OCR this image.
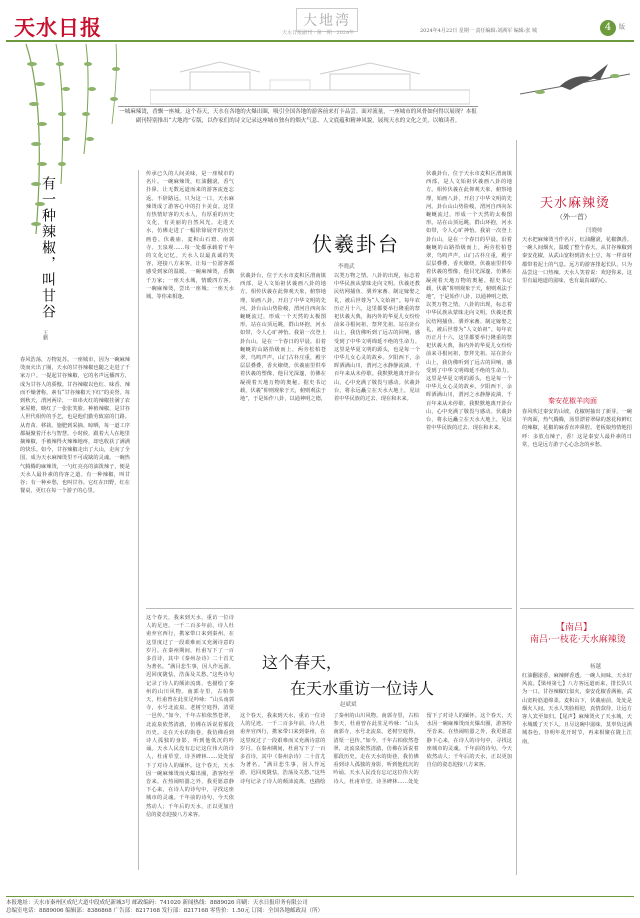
天水日报	大地湾
天水日报副刊 · 第一期 · 2024年	2024年4月22日 星期一 责任编辑:刘满军 编辑:张 城	4	版
一城麻辣烫，香飘一座城。这个春天，天水在各地的火爆出圈，吸引全国各地的游客前来打卡品尝。面对流量，一座城市的风骨如何得以展现？本报副刊特别推出“大地湾”专版，以作家们的诗文记录这座城市独有的烟火气息、人文底蕴和精神风貌，展现天水的文化之美，以飨读者。
有一种辣椒，叫甘谷
王鹏
春风浩荡，万物复苏。一座城市，因为一碗麻辣烫而火出了圈，天水的甘谷辣椒也随之走进了千家万户。一提起甘谷辣椒，它的名声远播四方，成为甘谷人的骄傲。甘谷辣椒以色红、味香、辣而不燥著称，素有“甘谷辣椒天下红”的美誉。每到秋天，渭河两岸，一串串火红的辣椒挂满了农家屋檐，映红了一张张笑脸。种植辣椒，是甘谷人世代相传的手艺，也是他们勤劳致富的门路。从育苗、移栽、施肥到采摘、晾晒，每一道工序都凝聚着汗水与智慧。小时候，跟着大人在地里摘辣椒，手被辣得火辣辣地疼，却也收获了满满的快乐。如今，甘谷辣椒走出了大山，走向了全国，成为天水麻辣烫里不可或缺的灵魂。一碗热气腾腾的麻辣烫，一勺红亮亮的油泼辣子，便是天水人最朴素的待客之道。有一种辣椒，叫甘谷；有一种乡愁，也叫甘谷。它红在田野，红在餐桌，更红在每一个游子的心里。
传承已久的人间美味，是一座城市的名片。一碗麻辣烫，红油翻滚，香气扑鼻，让无数远道而来的游客流连忘返。不辞路远，只为这一口，天水麻辣烫成了游客心中的打卡美食。这里有热情好客的天水人，有厚重的历史文化，有美丽的自然风光。走进天水，仿佛走进了一幅徐徐展开的历史画卷。伏羲庙、麦积山石窟、南郭寺、玉泉观……每一处都承载着千年的文化记忆。天水人以最真诚的笑容，迎接八方来客，让每一位游客都感受到家的温暖。一碗麻辣烫，香飘千万家；一座天水城，情暖四方客。一碗麻辣烫，尝出一座城；一座天水城，等你来相逢。
伏羲卦台
李晓武
伏羲卦台，位于天水市麦积区渭南镇西部，是人文始祖伏羲画八卦的地方。相传伏羲在此仰观天象，俯察地理，始画八卦，开启了中华文明的先河。卦台山山势险峻，渭河自西向东蜿蜒流过，形成一个天然的太极图形。站在山顶远眺，群山环抱，河水如带，令人心旷神怡。我第一次登上卦台山，是在一个春日的早晨。沿着蜿蜒的山路拾级而上，两旁松柏苍翠，鸟鸣声声。山门古朴庄重，殿宇层层叠叠，香火缭绕。伏羲庙里供奉着伏羲的塑像，他目光深邃，仿佛在凝视着天地万物的奥秘。据史书记载，伏羲“仰则观象于天，俯则观法于地”，于是始作八卦，以通神明之德，以类万物之情。八卦的出现，标志着中华民族从蒙昧走向文明。伏羲还教民结网捕鱼、驯养家畜、制定嫁娶之礼，被后世尊为“人文始祖”。每年农历正月十六，这里都要举行隆重的祭祀伏羲大典，海内外的华夏儿女纷纷前来寻根问祖，祭拜先祖。站在卦台山上，我仿佛听到了远古的回响，感受到了中华文明绵延不绝的生命力。这里是华夏文明的源头，也是每一个中华儿女心灵的故乡。夕阳西下，余晖洒满山川，渭河之水静静流淌，千百年来从未停歇。我默默地离开卦台山，心中充满了敬畏与感动。伏羲卦台，将永远矗立在天水大地上，见证着中华民族的过去、现在和未来。
伏羲卦台，位于天水市麦积区渭南镇西部，是人文始祖伏羲画八卦的地方。相传伏羲在此仰观天象，俯察地理，始画八卦，开启了中华文明的先河。卦台山山势险峻，渭河自西向东蜿蜒流过，形成一个天然的太极图形。站在山顶远眺，群山环抱，河水如带，令人心旷神怡。我第一次登上卦台山，是在一个春日的早晨。沿着蜿蜒的山路拾级而上，两旁松柏苍翠，鸟鸣声声。山门古朴庄重，殿宇层层叠叠，香火缭绕。伏羲庙里供奉着伏羲的塑像，他目光深邃，仿佛在凝视着天地万物的奥秘。据史书记载，伏羲“仰则观象于天，俯则观法于地”，于是始作八卦，以通神明之德，以类万物之情。八卦的出现，标志着中华民族从蒙昧走向文明。伏羲还教民结网捕鱼、驯养家畜、制定嫁娶之礼，被后世尊为“人文始祖”。每年农历正月十六，这里都要举行隆重的祭祀伏羲大典，海内外的华夏儿女纷纷前来寻根问祖，祭拜先祖。站在卦台山上，我仿佛听到了远古的回响，感受到了中华文明绵延不绝的生命力。这里是华夏文明的源头，也是每一个中华儿女心灵的故乡。夕阳西下，余晖洒满山川，渭河之水静静流淌，千百年来从未停歇。我默默地离开卦台山，心中充满了敬畏与感动。伏羲卦台，将永远矗立在天水大地上，见证着中华民族的过去、现在和未来。
这个春天，我来到天水，重访一位诗人的足迹。一千二百多年前，诗人杜甫弃官西行，携家带口来到秦州，在这里度过了一段艰难而又充满诗意的岁月。在秦州期间，杜甫写下了一百多首诗，其中《秦州杂诗》二十首尤为著名。“满目悲生事，因人作远游。迟回度陇怯，浩荡及关愁。”这些诗句记录了诗人的颠沛流离，也描绘了秦州的山川风物。南郭寺里，古柏参天，杜甫曾在此驻足吟咏：“山头南郭寺，水号北流泉。老树空庭得，清渠一邑传。”如今，千年古柏依然苍翠，北流泉依然清澈，仿佛在诉说着那段历史。走在天水的街巷，我仿佛看到诗人孤独的身影，听到他低沉的吟诵。天水人民没有忘记这位伟大的诗人，杜甫草堂、诗圣碑林……处处留下了对诗人的缅怀。这个春天，天水因一碗麻辣烫而火爆出圈，游客纷至沓来。在热闹喧嚣之外，我更愿意静下心来，在诗人的诗句中，寻找这座城市的灵魂。千年前的诗句，今天依然动人；千年后的天水，正以更加自信的姿态迎接八方来客。
这个春天，
在天水重访一位诗人
赵斌斌
这个春天，我来到天水，重访一位诗人的足迹。一千二百多年前，诗人杜甫弃官西行，携家带口来到秦州，在这里度过了一段艰难而又充满诗意的岁月。在秦州期间，杜甫写下了一百多首诗，其中《秦州杂诗》二十首尤为著名。“满目悲生事，因人作远游。迟回度陇怯，浩荡及关愁。”这些诗句记录了诗人的颠沛流离，也描绘了秦州的山川风物。南郭寺里，古柏参天，杜甫曾在此驻足吟咏：“山头南郭寺，水号北流泉。老树空庭得，清渠一邑传。”如今，千年古柏依然苍翠，北流泉依然清澈，仿佛在诉说着那段历史。走在天水的街巷，我仿佛看到诗人孤独的身影，听到他低沉的吟诵。天水人民没有忘记这位伟大的诗人，杜甫草堂、诗圣碑林……处处留下了对诗人的缅怀。这个春天，天水因一碗麻辣烫而火爆出圈，游客纷至沓来。在热闹喧嚣之外，我更愿意静下心来，在诗人的诗句中，寻找这座城市的灵魂。千年前的诗句，今天依然动人；千年后的天水，正以更加自信的姿态迎接八方来客。
天水麻辣烫
（外一首）
闫晓帅
天水把麻辣烫当作名片，红油翻滚，花椒飘香。一碗人间烟火，温暖了整个春天。从甘谷辣椒到秦安花椒，从武山宽粉到清水土豆，每一样食材都带着泥土的气息。远方的游客排起长队，只为品尝这一口热辣。天水人笑着说：欢迎你来，这里有最地道的滋味，也有最真诚的心。
秦安花椒羊肉面
春风吹过秦安的山坡，花椒树抽出了新芽。一碗羊肉面，热气腾腾，汤里漂着翠绿的葱花和鲜红的辣椒，花椒的麻香直冲鼻腔。老板娘热情地招呼：多放点辣子，香！这是秦安人最朴素的日常，也是远方游子心心念念的乡愁。
【南吕】
南吕·一枝花·天水麻辣烫
杨越
红油翻滚香，麻辣鲜香透。一碗人间味，天水好风流。【梁州第七】八方客远道而来，排长队只为一口。甘谷辣椒红似火，秦安花椒香满袖，武山宽粉筋道绵柔。麦积山下，伏羲庙前，处处是烟火人间。天水人笑脸相迎，真情款待，让远方客人宾至如归。【尾声】麻辣烫火了天水城，天水城暖了天下人。且尽这碗中滋味，莫辜负这满城春色，待明年花开时节，再来相聚在陇上江南。
本报地址：天水市秦州区成纪大道中段成纪新城3号 邮政编码：741020 新闻热线：8889026 印刷：天水日报印务有限公司
总编室电话：8889006 编辑部：8386868 广告部：8217168 发行部：8217168 零售价：1.50元 订阅：全国各地邮政局（所）
